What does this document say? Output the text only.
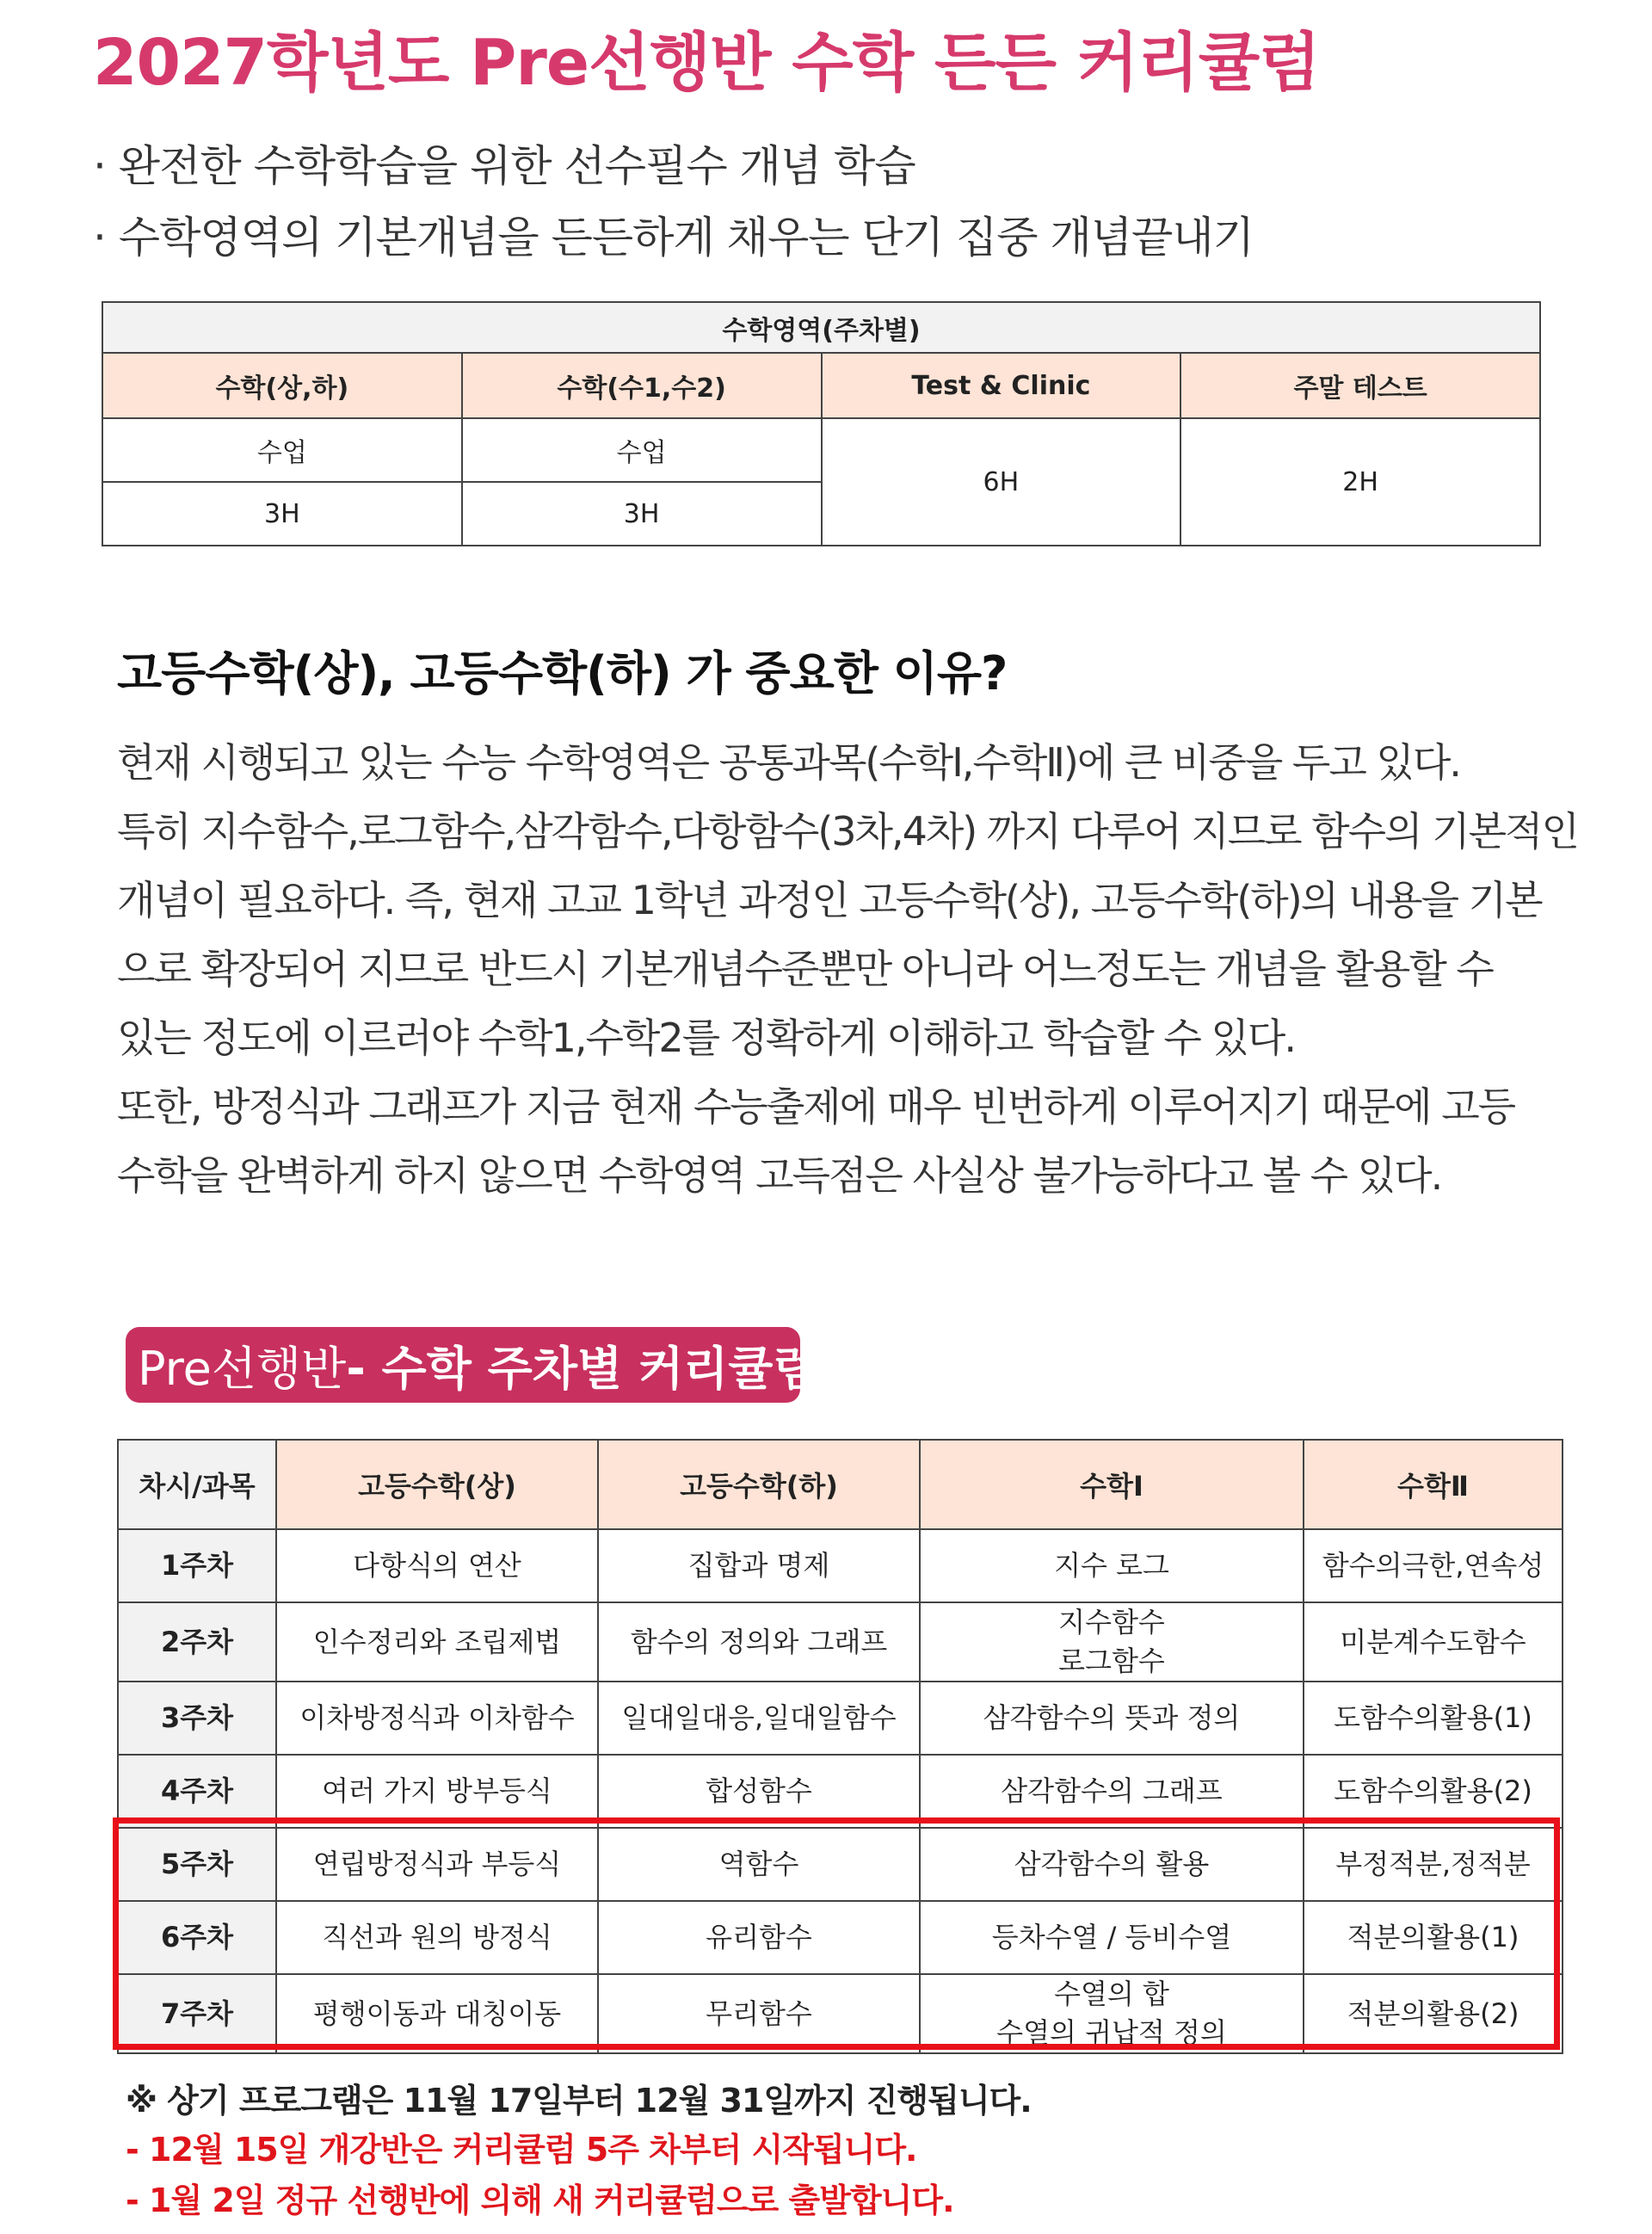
2027학년도 Pre선행반 수학 든든 커리큘럼
· 완전한 수학학습을 위한 선수필수 개념 학습
· 수학영역의 기본개념을 든든하게 채우는 단기 집중 개념끝내기
수학영역(주차별)			
수학(상,하)	수학(수1,수2)	Test & Clinic	주말 테스트
수업	수업	6H	2H
3H	3H		
고등수학(상), 고등수학(하) 가 중요한 이유?
현재 시행되고 있는 수능 수학영역은 공통과목(수학Ⅰ,수학Ⅱ)에 큰 비중을 두고 있다.
특히 지수함수,로그함수,삼각함수,다항함수(3차,4차) 까지 다루어 지므로 함수의 기본적인
개념이 필요하다. 즉, 현재 고교 1학년 과정인 고등수학(상), 고등수학(하)의 내용을 기본
으로 확장되어 지므로 반드시 기본개념수준뿐만 아니라 어느정도는 개념을 활용할 수
있는 정도에 이르러야 수학1,수학2를 정확하게 이해하고 학습할 수 있다.
또한, 방정식과 그래프가 지금 현재 수능출제에 매우 빈번하게 이루어지기 때문에 고등
수학을 완벽하게 하지 않으면 수학영역 고득점은 사실상 불가능하다고 볼 수 있다.
Pre선행반 - 수학 주차별 커리큘럼
차시/과목	고등수학(상)	고등수학(하)	수학Ⅰ	수학Ⅱ
1주차	다항식의 연산	집합과 명제	지수 로그	함수의극한,연속성
2주차	인수정리와 조립제법	함수의 정의와 그래프	지수함수
로그함수	미분계수도함수
3주차	이차방정식과 이차함수	일대일대응,일대일함수	삼각함수의 뜻과 정의	도함수의활용(1)
4주차	여러 가지 방부등식	합성함수	삼각함수의 그래프	도함수의활용(2)
5주차	연립방정식과 부등식	역함수	삼각함수의 활용	부정적분,정적분
6주차	직선과 원의 방정식	유리함수	등차수열 / 등비수열	적분의활용(1)
7주차	평행이동과 대칭이동	무리함수	수열의 합
수열의 귀납적 정의	적분의활용(2)
※ 상기 프로그램은 11월 17일부터 12월 31일까지 진행됩니다.
- 12월 15일 개강반은 커리큘럼 5주 차부터 시작됩니다.
- 1월 2일 정규 선행반에 의해 새 커리큘럼으로 출발합니다.
